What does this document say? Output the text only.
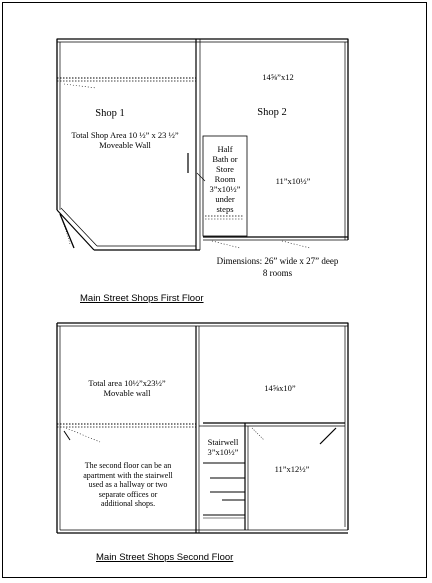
Shop 1
Total Shop Area 10 ½” x 23 ½”
Moveable Wall
14⅝”x12
Shop 2
Half
Bath or
Store
Room
3”x10½”
under
steps
11”x10½”
Dimensions: 26” wide x 27” deep
8 rooms
Main Street Shops First Floor
Total area 10½”x23½”
Movable wall	14⅝x10”
Stairwell
3”x10½”
11”x12½”
The second floor can be an
apartment with the stairwell
used as a hallway or two
separate offices or
additional shops.
Main Street Shops Second Floor
